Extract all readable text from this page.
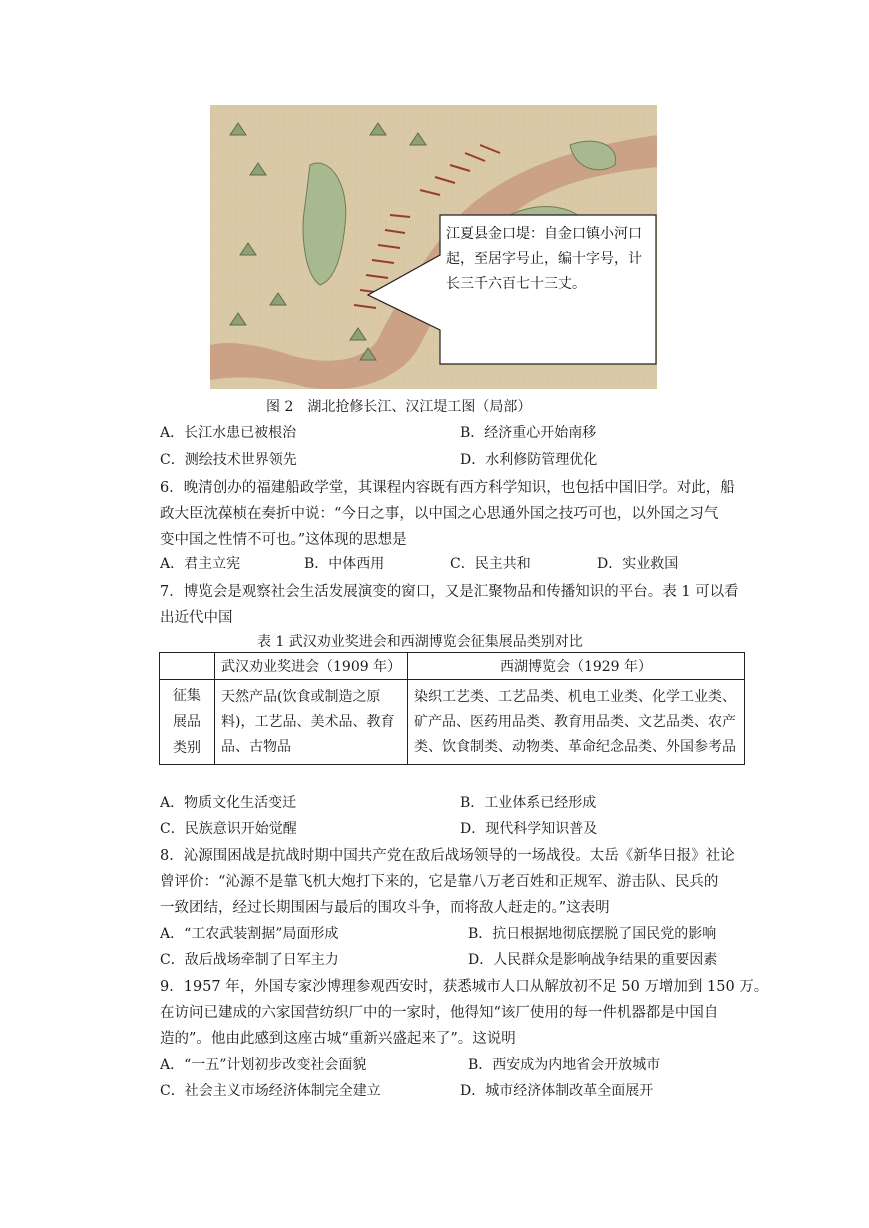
江夏县金口堤：自金口镇小河口起，至居字号止，编十字号，计长三千六百七十三丈。
图 2　湖北抢修长江、汉江堤工图（局部）
A．长江水患已被根治	B．经济重心开始南移
C．测绘技术世界领先	D．水利修防管理优化
6．晚清创办的福建船政学堂，其课程内容既有西方科学知识，也包括中国旧学。对此，船
政大臣沈葆桢在奏折中说：“今日之事，以中国之心思通外国之技巧可也，以外国之习气
变中国之性情不可也。”这体现的思想是
A．君主立宪	B．中体西用	C．民主共和	D．实业救国
7．博览会是观察社会生活发展演变的窗口，又是汇聚物品和传播知识的平台。表 1 可以看
出近代中国
表 1 武汉劝业奖进会和西湖博览会征集展品类别对比
	武汉劝业奖进会（1909 年）	西湖博览会（1929 年）
征集展品类别	天然产品(饮食或制造之原料)，工艺品、美术品、教育品、古物品	染织工艺类、工艺品类、机电工业类、化学工业类、矿产品、医药用品类、教育用品类、文艺品类、农产类、饮食制类、动物类、革命纪念品类、外国参考品
A．物质文化生活变迁	B．工业体系已经形成
C．民族意识开始觉醒	D．现代科学知识普及
8．沁源围困战是抗战时期中国共产党在敌后战场领导的一场战役。太岳《新华日报》社论
曾评价：“沁源不是靠飞机大炮打下来的，它是靠八万老百姓和正规军、游击队、民兵的
一致团结，经过长期围困与最后的围攻斗争，而将敌人赶走的。”这表明
A．“工农武装割据”局面形成	B．抗日根据地彻底摆脱了国民党的影响
C．敌后战场牵制了日军主力	D．人民群众是影响战争结果的重要因素
9．1957 年，外国专家沙博理参观西安时，获悉城市人口从解放初不足 50 万增加到 150 万。
在访问已建成的六家国营纺织厂中的一家时，他得知“该厂使用的每一件机器都是中国自
造的”。他由此感到这座古城“重新兴盛起来了”。这说明
A．“一五”计划初步改变社会面貌	B．西安成为内地省会开放城市
C．社会主义市场经济体制完全建立	D．城市经济体制改革全面展开
